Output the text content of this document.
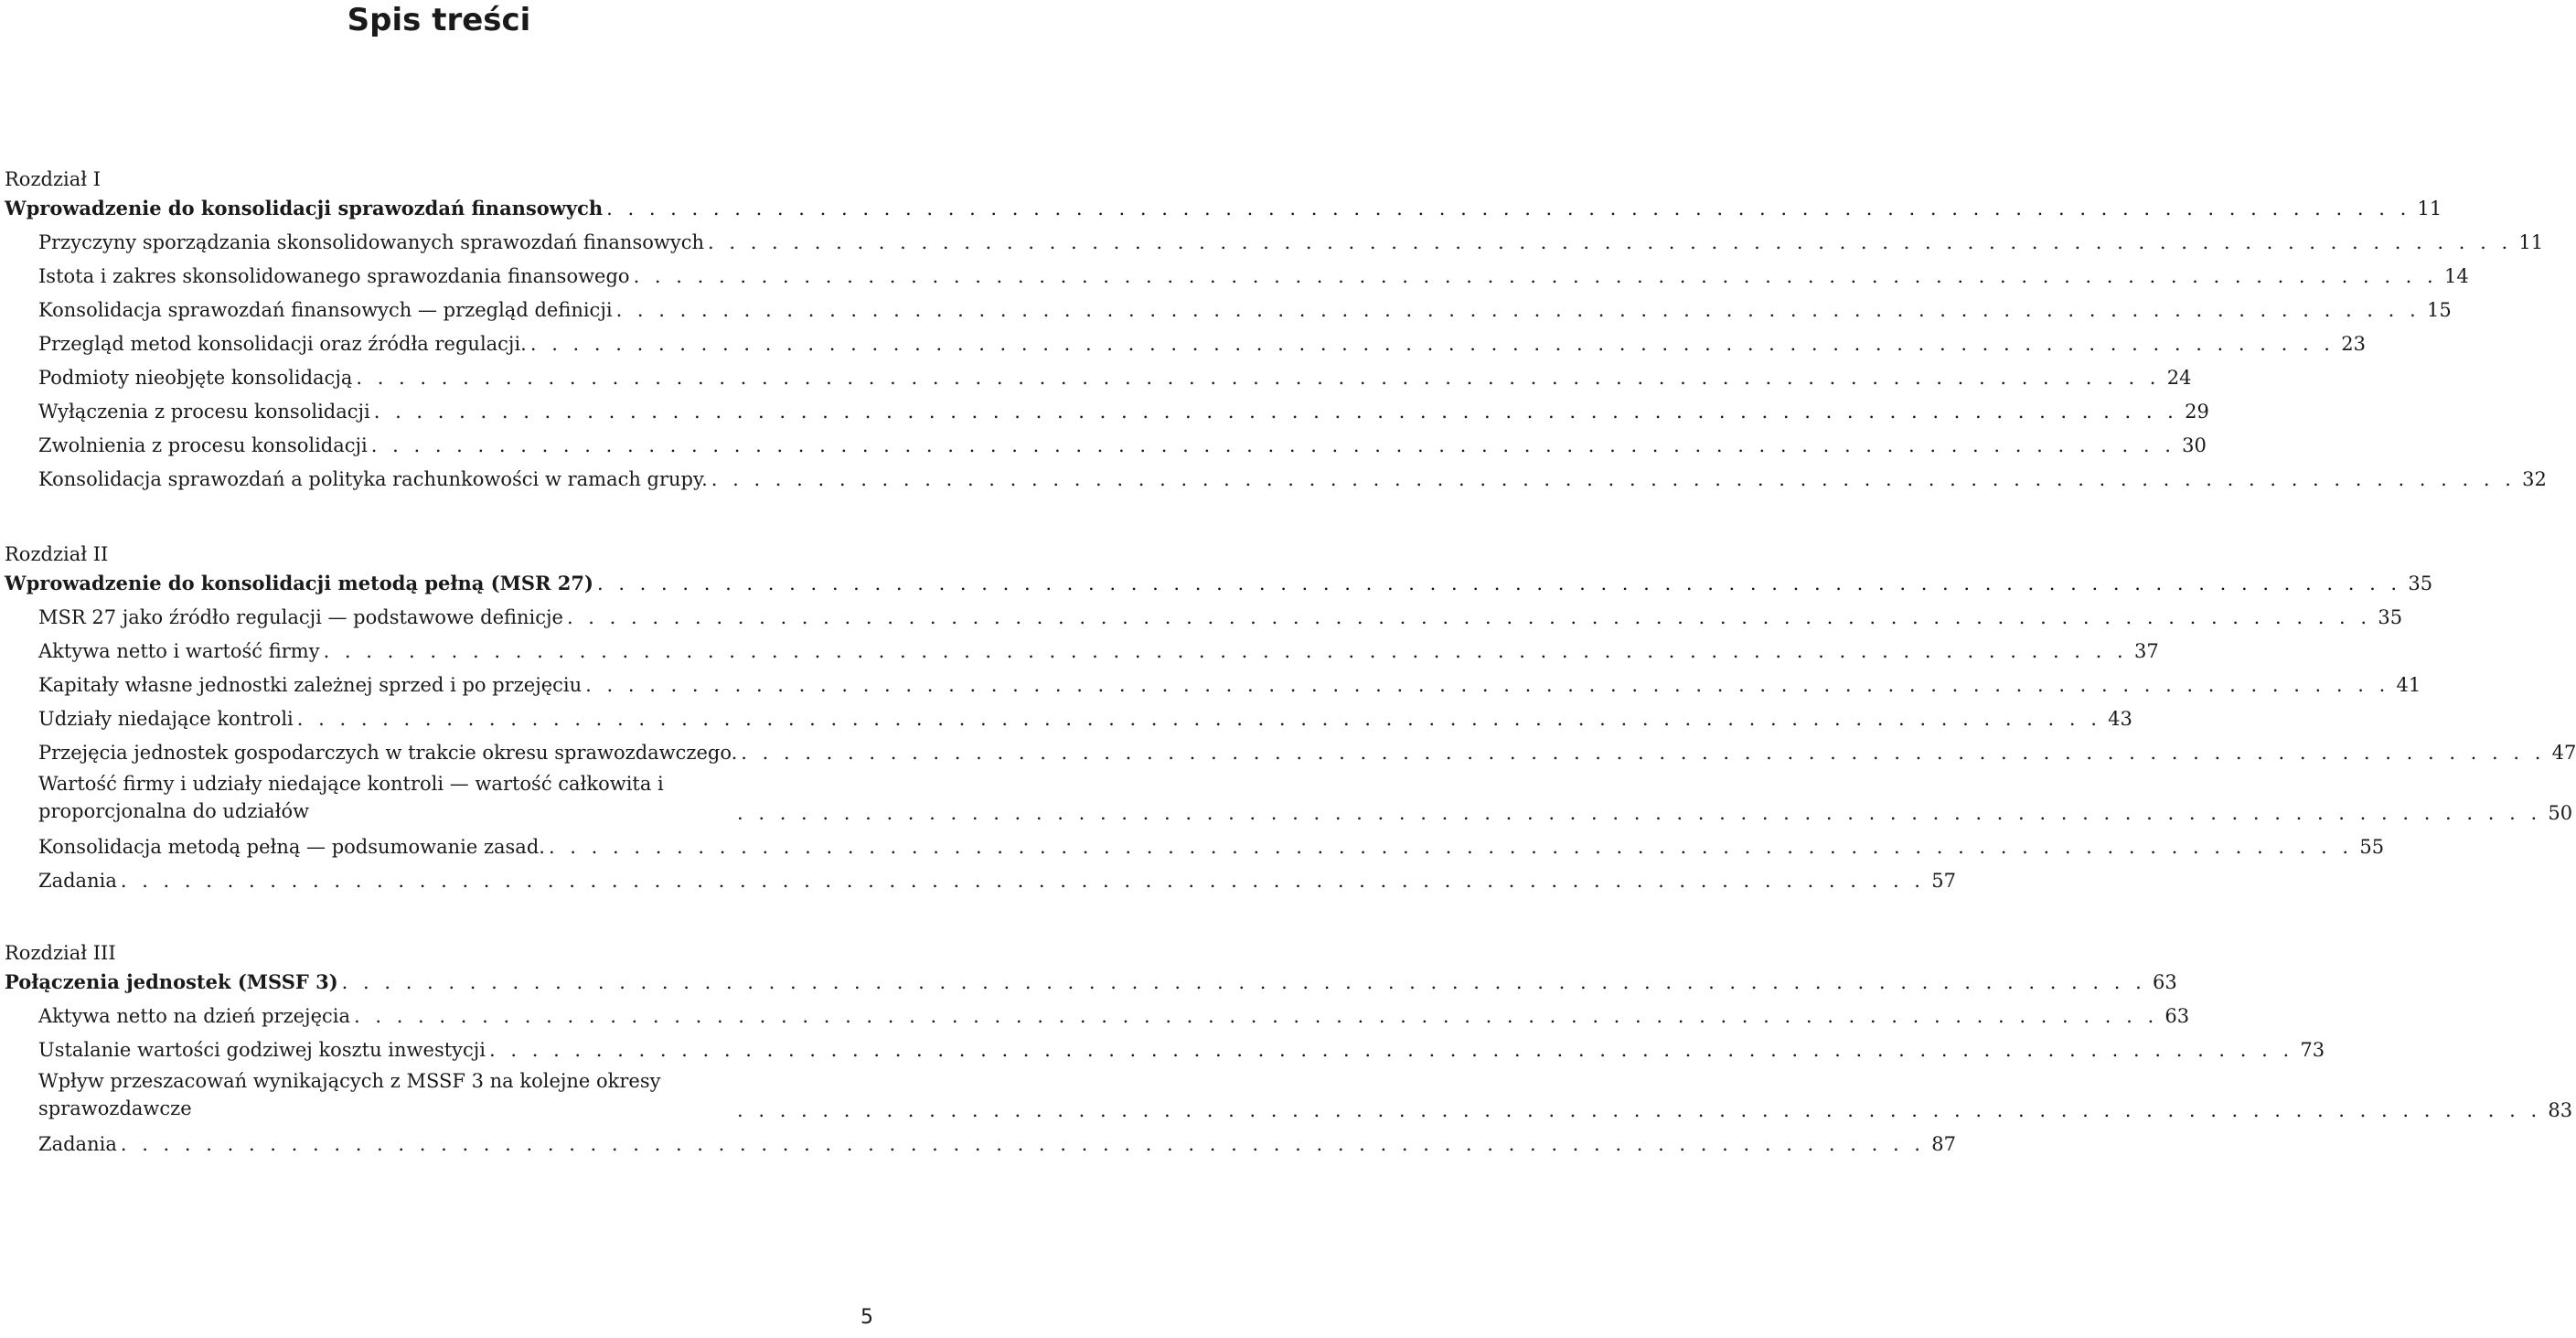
Spis treści
Rozdział I
Wprowadzenie do konsolidacji sprawozdań finansowych . . . . . . . . . . . . . . . . . . . . . . . . . . . . . . . . . . . . . . . . . . . . . . . . . . . . . . . . . . . . . . . . . . . . . . . . . . . . . . . . . . . . . 11
Przyczyny sporządzania skonsolidowanych sprawozdań finansowych . . . . . . . . . . . . . . . . . . . . . . . . . . . . . . . . . . . . . . . . . . . . . . . . . . . . . . . . . . . . . . . . . . . . . . . . . . . . . . . . . . . . . 11
Istota i zakres skonsolidowanego sprawozdania finansowego . . . . . . . . . . . . . . . . . . . . . . . . . . . . . . . . . . . . . . . . . . . . . . . . . . . . . . . . . . . . . . . . . . . . . . . . . . . . . . . . . . . . . 14
Konsolidacja sprawozdań finansowych — przegląd definicji . . . . . . . . . . . . . . . . . . . . . . . . . . . . . . . . . . . . . . . . . . . . . . . . . . . . . . . . . . . . . . . . . . . . . . . . . . . . . . . . . . . . . 15
Przegląd metod konsolidacji oraz źródła regulacji. . . . . . . . . . . . . . . . . . . . . . . . . . . . . . . . . . . . . . . . . . . . . . . . . . . . . . . . . . . . . . . . . . . . . . . . . . . . . . . . . . . . . . 23
Podmioty nieobjęte konsolidacją . . . . . . . . . . . . . . . . . . . . . . . . . . . . . . . . . . . . . . . . . . . . . . . . . . . . . . . . . . . . . . . . . . . . . . . . . . . . . . . . . . . . . 24
Wyłączenia z procesu konsolidacji . . . . . . . . . . . . . . . . . . . . . . . . . . . . . . . . . . . . . . . . . . . . . . . . . . . . . . . . . . . . . . . . . . . . . . . . . . . . . . . . . . . . . 29
Zwolnienia z procesu konsolidacji . . . . . . . . . . . . . . . . . . . . . . . . . . . . . . . . . . . . . . . . . . . . . . . . . . . . . . . . . . . . . . . . . . . . . . . . . . . . . . . . . . . . . 30
Konsolidacja sprawozdań a polityka rachunkowości w ramach grupy. . . . . . . . . . . . . . . . . . . . . . . . . . . . . . . . . . . . . . . . . . . . . . . . . . . . . . . . . . . . . . . . . . . . . . . . . . . . . . . . . . . . . . 32
Rozdział II
Wprowadzenie do konsolidacji metodą pełną (MSR 27) . . . . . . . . . . . . . . . . . . . . . . . . . . . . . . . . . . . . . . . . . . . . . . . . . . . . . . . . . . . . . . . . . . . . . . . . . . . . . . . . . . . . . 35
MSR 27 jako źródło regulacji — podstawowe definicje . . . . . . . . . . . . . . . . . . . . . . . . . . . . . . . . . . . . . . . . . . . . . . . . . . . . . . . . . . . . . . . . . . . . . . . . . . . . . . . . . . . . . 35
Aktywa netto i wartość firmy . . . . . . . . . . . . . . . . . . . . . . . . . . . . . . . . . . . . . . . . . . . . . . . . . . . . . . . . . . . . . . . . . . . . . . . . . . . . . . . . . . . . . 37
Kapitały własne jednostki zależnej sprzed i po przejęciu . . . . . . . . . . . . . . . . . . . . . . . . . . . . . . . . . . . . . . . . . . . . . . . . . . . . . . . . . . . . . . . . . . . . . . . . . . . . . . . . . . . . . 41
Udziały niedające kontroli . . . . . . . . . . . . . . . . . . . . . . . . . . . . . . . . . . . . . . . . . . . . . . . . . . . . . . . . . . . . . . . . . . . . . . . . . . . . . . . . . . . . . 43
Przejęcia jednostek gospodarczych w trakcie okresu sprawozdawczego. . . . . . . . . . . . . . . . . . . . . . . . . . . . . . . . . . . . . . . . . . . . . . . . . . . . . . . . . . . . . . . . . . . . . . . . . . . . . . . . . . . . . . 47
Wartość firmy i udziały niedające kontroli — wartość całkowita i proporcjonalna do udziałów	. . . . . . . . . . . . . . . . . . . . . . . . . . . . . . . . . . . . . . . . . . . . . . . . . . . . . . . . . . . . . . . . . . . . . . . . . . . . . . . . . . . . . 50
Konsolidacja metodą pełną — podsumowanie zasad. . . . . . . . . . . . . . . . . . . . . . . . . . . . . . . . . . . . . . . . . . . . . . . . . . . . . . . . . . . . . . . . . . . . . . . . . . . . . . . . . . . . . . 55
Zadania . . . . . . . . . . . . . . . . . . . . . . . . . . . . . . . . . . . . . . . . . . . . . . . . . . . . . . . . . . . . . . . . . . . . . . . . . . . . . . . . . . . . . 57
Rozdział III
Połączenia jednostek (MSSF 3) . . . . . . . . . . . . . . . . . . . . . . . . . . . . . . . . . . . . . . . . . . . . . . . . . . . . . . . . . . . . . . . . . . . . . . . . . . . . . . . . . . . . . 63
Aktywa netto na dzień przejęcia . . . . . . . . . . . . . . . . . . . . . . . . . . . . . . . . . . . . . . . . . . . . . . . . . . . . . . . . . . . . . . . . . . . . . . . . . . . . . . . . . . . . . 63
Ustalanie wartości godziwej kosztu inwestycji . . . . . . . . . . . . . . . . . . . . . . . . . . . . . . . . . . . . . . . . . . . . . . . . . . . . . . . . . . . . . . . . . . . . . . . . . . . . . . . . . . . . . 73
Wpływ przeszacowań wynikających z MSSF 3 na kolejne okresy sprawozdawcze	. . . . . . . . . . . . . . . . . . . . . . . . . . . . . . . . . . . . . . . . . . . . . . . . . . . . . . . . . . . . . . . . . . . . . . . . . . . . . . . . . . . . . 83
Zadania . . . . . . . . . . . . . . . . . . . . . . . . . . . . . . . . . . . . . . . . . . . . . . . . . . . . . . . . . . . . . . . . . . . . . . . . . . . . . . . . . . . . . 87
5
